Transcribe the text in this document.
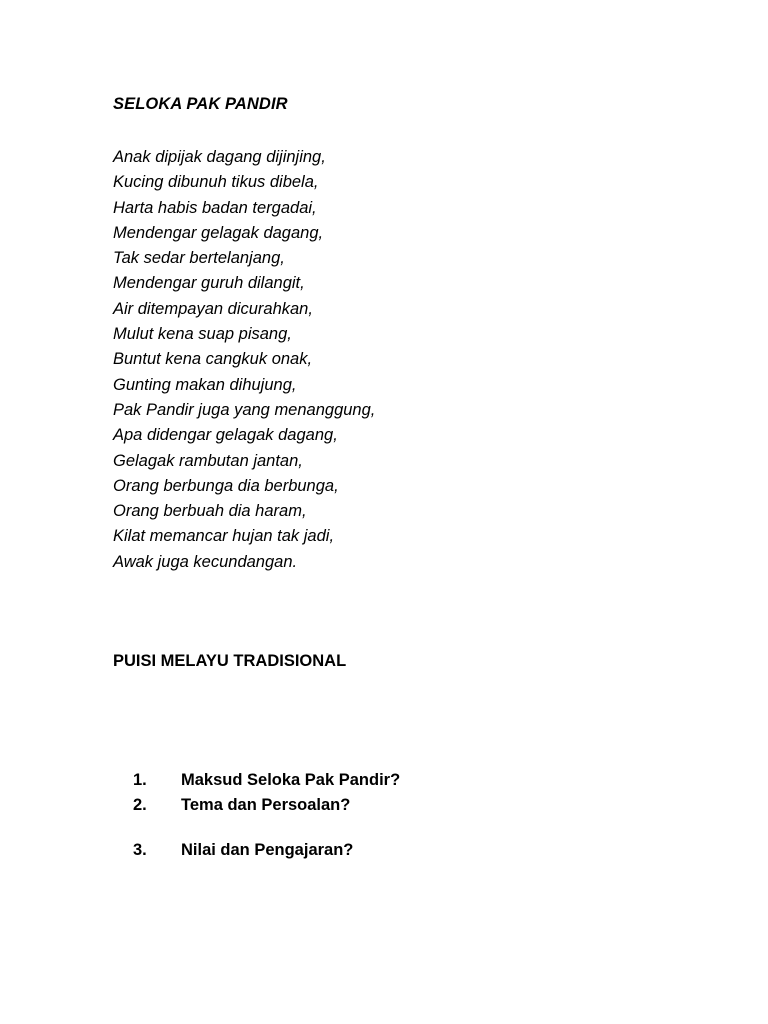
SELOKA PAK PANDIR
Anak dipijak dagang dijinjing,
Kucing dibunuh tikus dibela,
Harta habis badan tergadai,
Mendengar gelagak dagang,
Tak sedar bertelanjang,
Mendengar guruh dilangit,
Air ditempayan dicurahkan,
Mulut kena suap pisang,
Buntut kena cangkuk onak,
Gunting makan dihujung,
Pak Pandir juga yang menanggung,
Apa didengar gelagak dagang,
Gelagak rambutan jantan,
Orang berbunga dia berbunga,
Orang berbuah dia haram,
Kilat memancar hujan tak jadi,
Awak juga kecundangan.
PUISI MELAYU TRADISIONAL
1. Maksud Seloka Pak Pandir?
2. Tema dan Persoalan?
3. Nilai dan Pengajaran?
